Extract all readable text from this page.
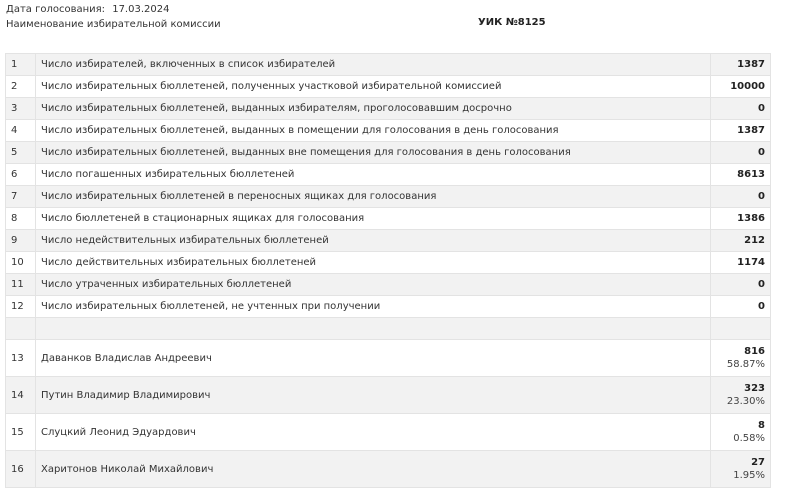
Дата голосования: 17.03.2024
Наименование избирательной комиссии	УИК №8125
1	Число избирателей, включенных в список избирателей	1387
2	Число избирательных бюллетеней, полученных участковой избирательной комиссией	10000
3	Число избирательных бюллетеней, выданных избирателям, проголосовавшим досрочно	0
4	Число избирательных бюллетеней, выданных в помещении для голосования в день голосования	1387
5	Число избирательных бюллетеней, выданных вне помещения для голосования в день голосования	0
6	Число погашенных избирательных бюллетеней	8613
7	Число избирательных бюллетеней в переносных ящиках для голосования	0
8	Число бюллетеней в стационарных ящиках для голосования	1386
9	Число недействительных избирательных бюллетеней	212
10	Число действительных избирательных бюллетеней	1174
11	Число утраченных избирательных бюллетеней	0
12	Число избирательных бюллетеней, не учтенных при получении	0

13	Даванков Владислав Андреевич	816
58.87%

14	Путин Владимир Владимирович	323
23.30%

15	Слуцкий Леонид Эдуардович	8
0.58%

16	Харитонов Николай Михайлович	27
1.95%
